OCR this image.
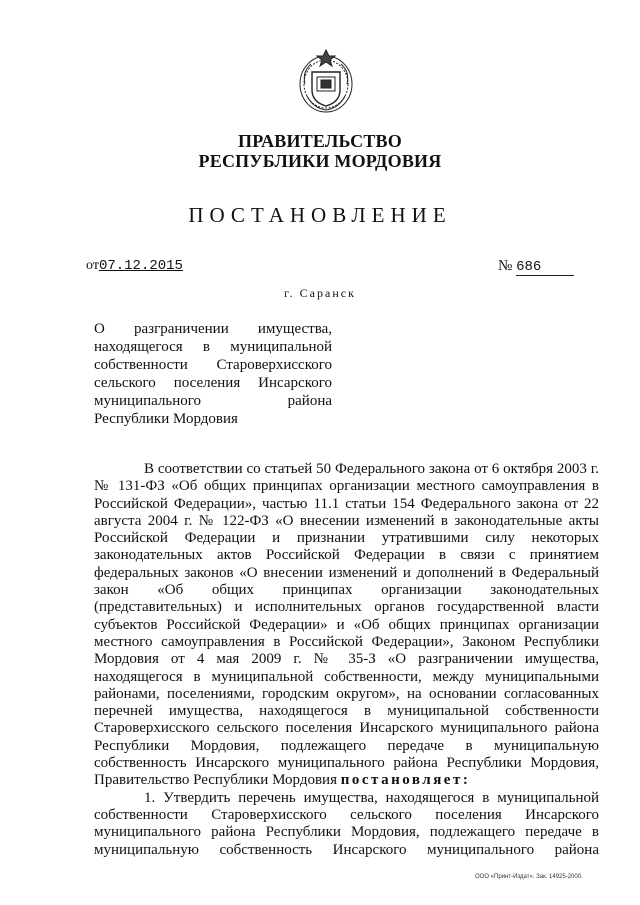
ПРАВИТЕЛЬСТВО
РЕСПУБЛИКИ МОРДОВИЯ
ПОСТАНОВЛЕНИЕ
от07.12.2015	№ 686
г. Саранск
О разграничении имущества,
находящегося в муниципальной
собственности Староверхисского
сельского поселения Инсарского
муниципального района
Республики Мордовия
В соответствии со статьей 50 Федерального закона от 6 октября 2003 г.
№ 131-ФЗ «Об общих принципах организации местного самоуправления в
Российской Федерации», частью 11.1 статьи 154 Федерального закона от 22
августа 2004 г. № 122-ФЗ «О внесении изменений в законодательные акты
Российской Федерации и признании утратившими силу некоторых
законодательных актов Российской Федерации в связи с принятием
федеральных законов «О внесении изменений и дополнений в Федеральный
закон «Об общих принципах организации законодательных
(представительных) и исполнительных органов государственной власти
субъектов Российской Федерации» и «Об общих принципах организации
местного самоуправления в Российской Федерации», Законом Республики
Мордовия от 4 мая 2009 г. № 35-З «О разграничении имущества,
находящегося в муниципальной собственности, между муниципальными
районами, поселениями, городским округом», на основании согласованных
перечней имущества, находящегося в муниципальной собственности
Староверхисского сельского поселения Инсарского муниципального района
Республики Мордовия, подлежащего передаче в муниципальную
собственность Инсарского муниципального района Республики Мордовия,
Правительство Республики Мордовия постановляет:
1. Утвердить перечень имущества, находящегося в муниципальной
собственности Староверхисского сельского поселения Инсарского
муниципального района Республики Мордовия, подлежащего передаче в
муниципальную собственность Инсарского муниципального района
ООО «Принт-Издат». Зак. 14925-2000.
